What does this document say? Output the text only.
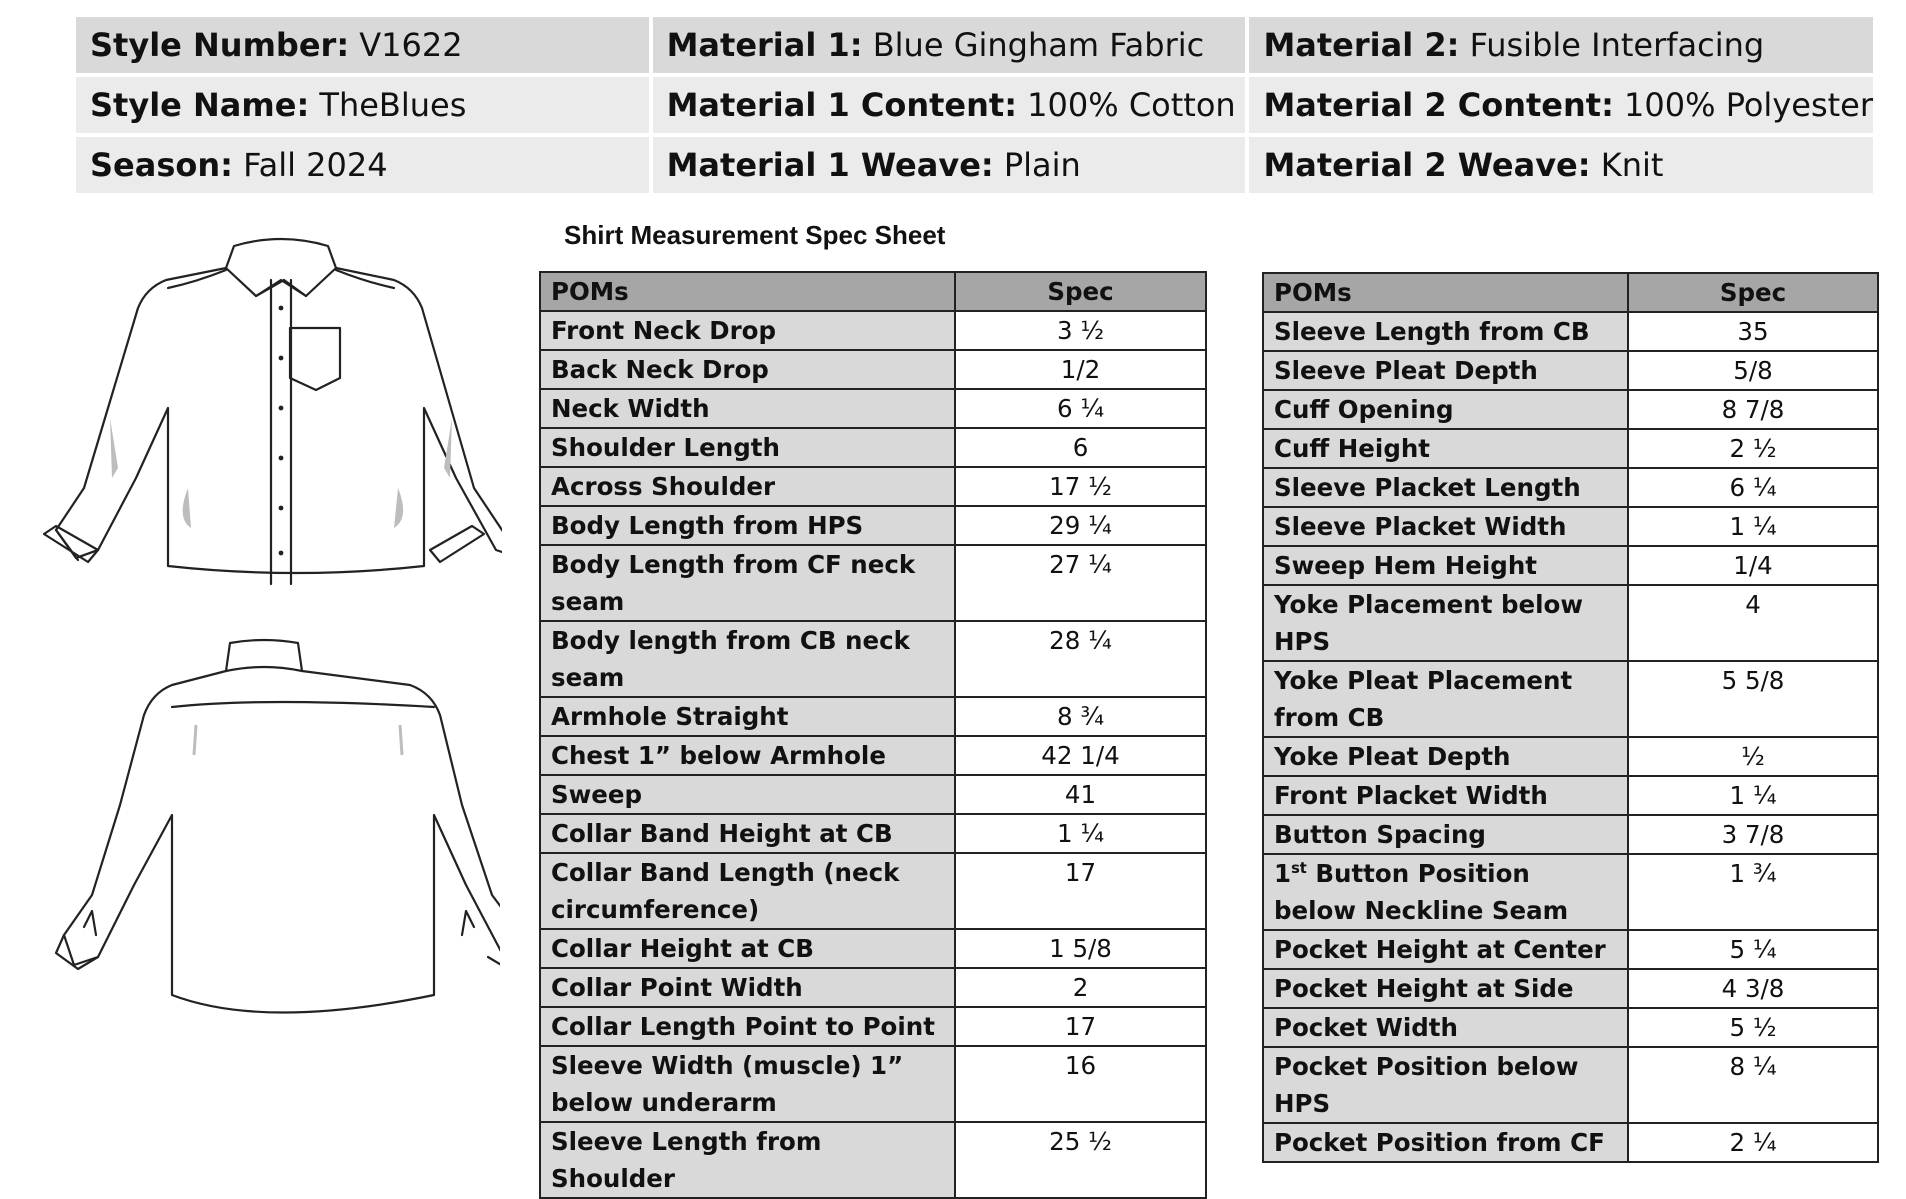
Style Number: V1622	Material 1: Blue Gingham Fabric	Material 2: Fusible Interfacing
Style Name: TheBlues	Material 1 Content: 100% Cotton	Material 2 Content: 100% Polyester
Season: Fall 2024	Material 1 Weave: Plain	Material 2 Weave: Knit
Shirt Measurement Spec Sheet
POMs	Spec
Front Neck Drop	3 ½
Back Neck Drop	1/2
Neck Width	6 ¼
Shoulder Length	6
Across Shoulder	17 ½
Body Length from HPS	29 ¼
Body Length from CF neck seam	27 ¼
Body length from CB neck seam	28 ¼
Armhole Straight	8 ¾
Chest 1” below Armhole	42 1/4
Sweep	41
Collar Band Height at CB	1 ¼
Collar Band Length (neck circumference)	17
Collar Height at CB	1 5/8
Collar Point Width	2
Collar Length Point to Point	17
Sleeve Width (muscle) 1” below underarm	16
Sleeve Length from Shoulder	25 ½
POMs	Spec
Sleeve Length from CB	35
Sleeve Pleat Depth	5/8
Cuff Opening	8 7/8
Cuff Height	2 ½
Sleeve Placket Length	6 ¼
Sleeve Placket Width	1 ¼
Sweep Hem Height	1/4
Yoke Placement below HPS	4
Yoke Pleat Placement from CB	5 5/8
Yoke Pleat Depth	½
Front Placket Width	1 ¼
Button Spacing	3 7/8
1st Button Position below Neckline Seam	1 ¾
Pocket Height at Center	5 ¼
Pocket Height at Side	4 3/8
Pocket Width	5 ½
Pocket Position below HPS	8 ¼
Pocket Position from CF	2 ¼
